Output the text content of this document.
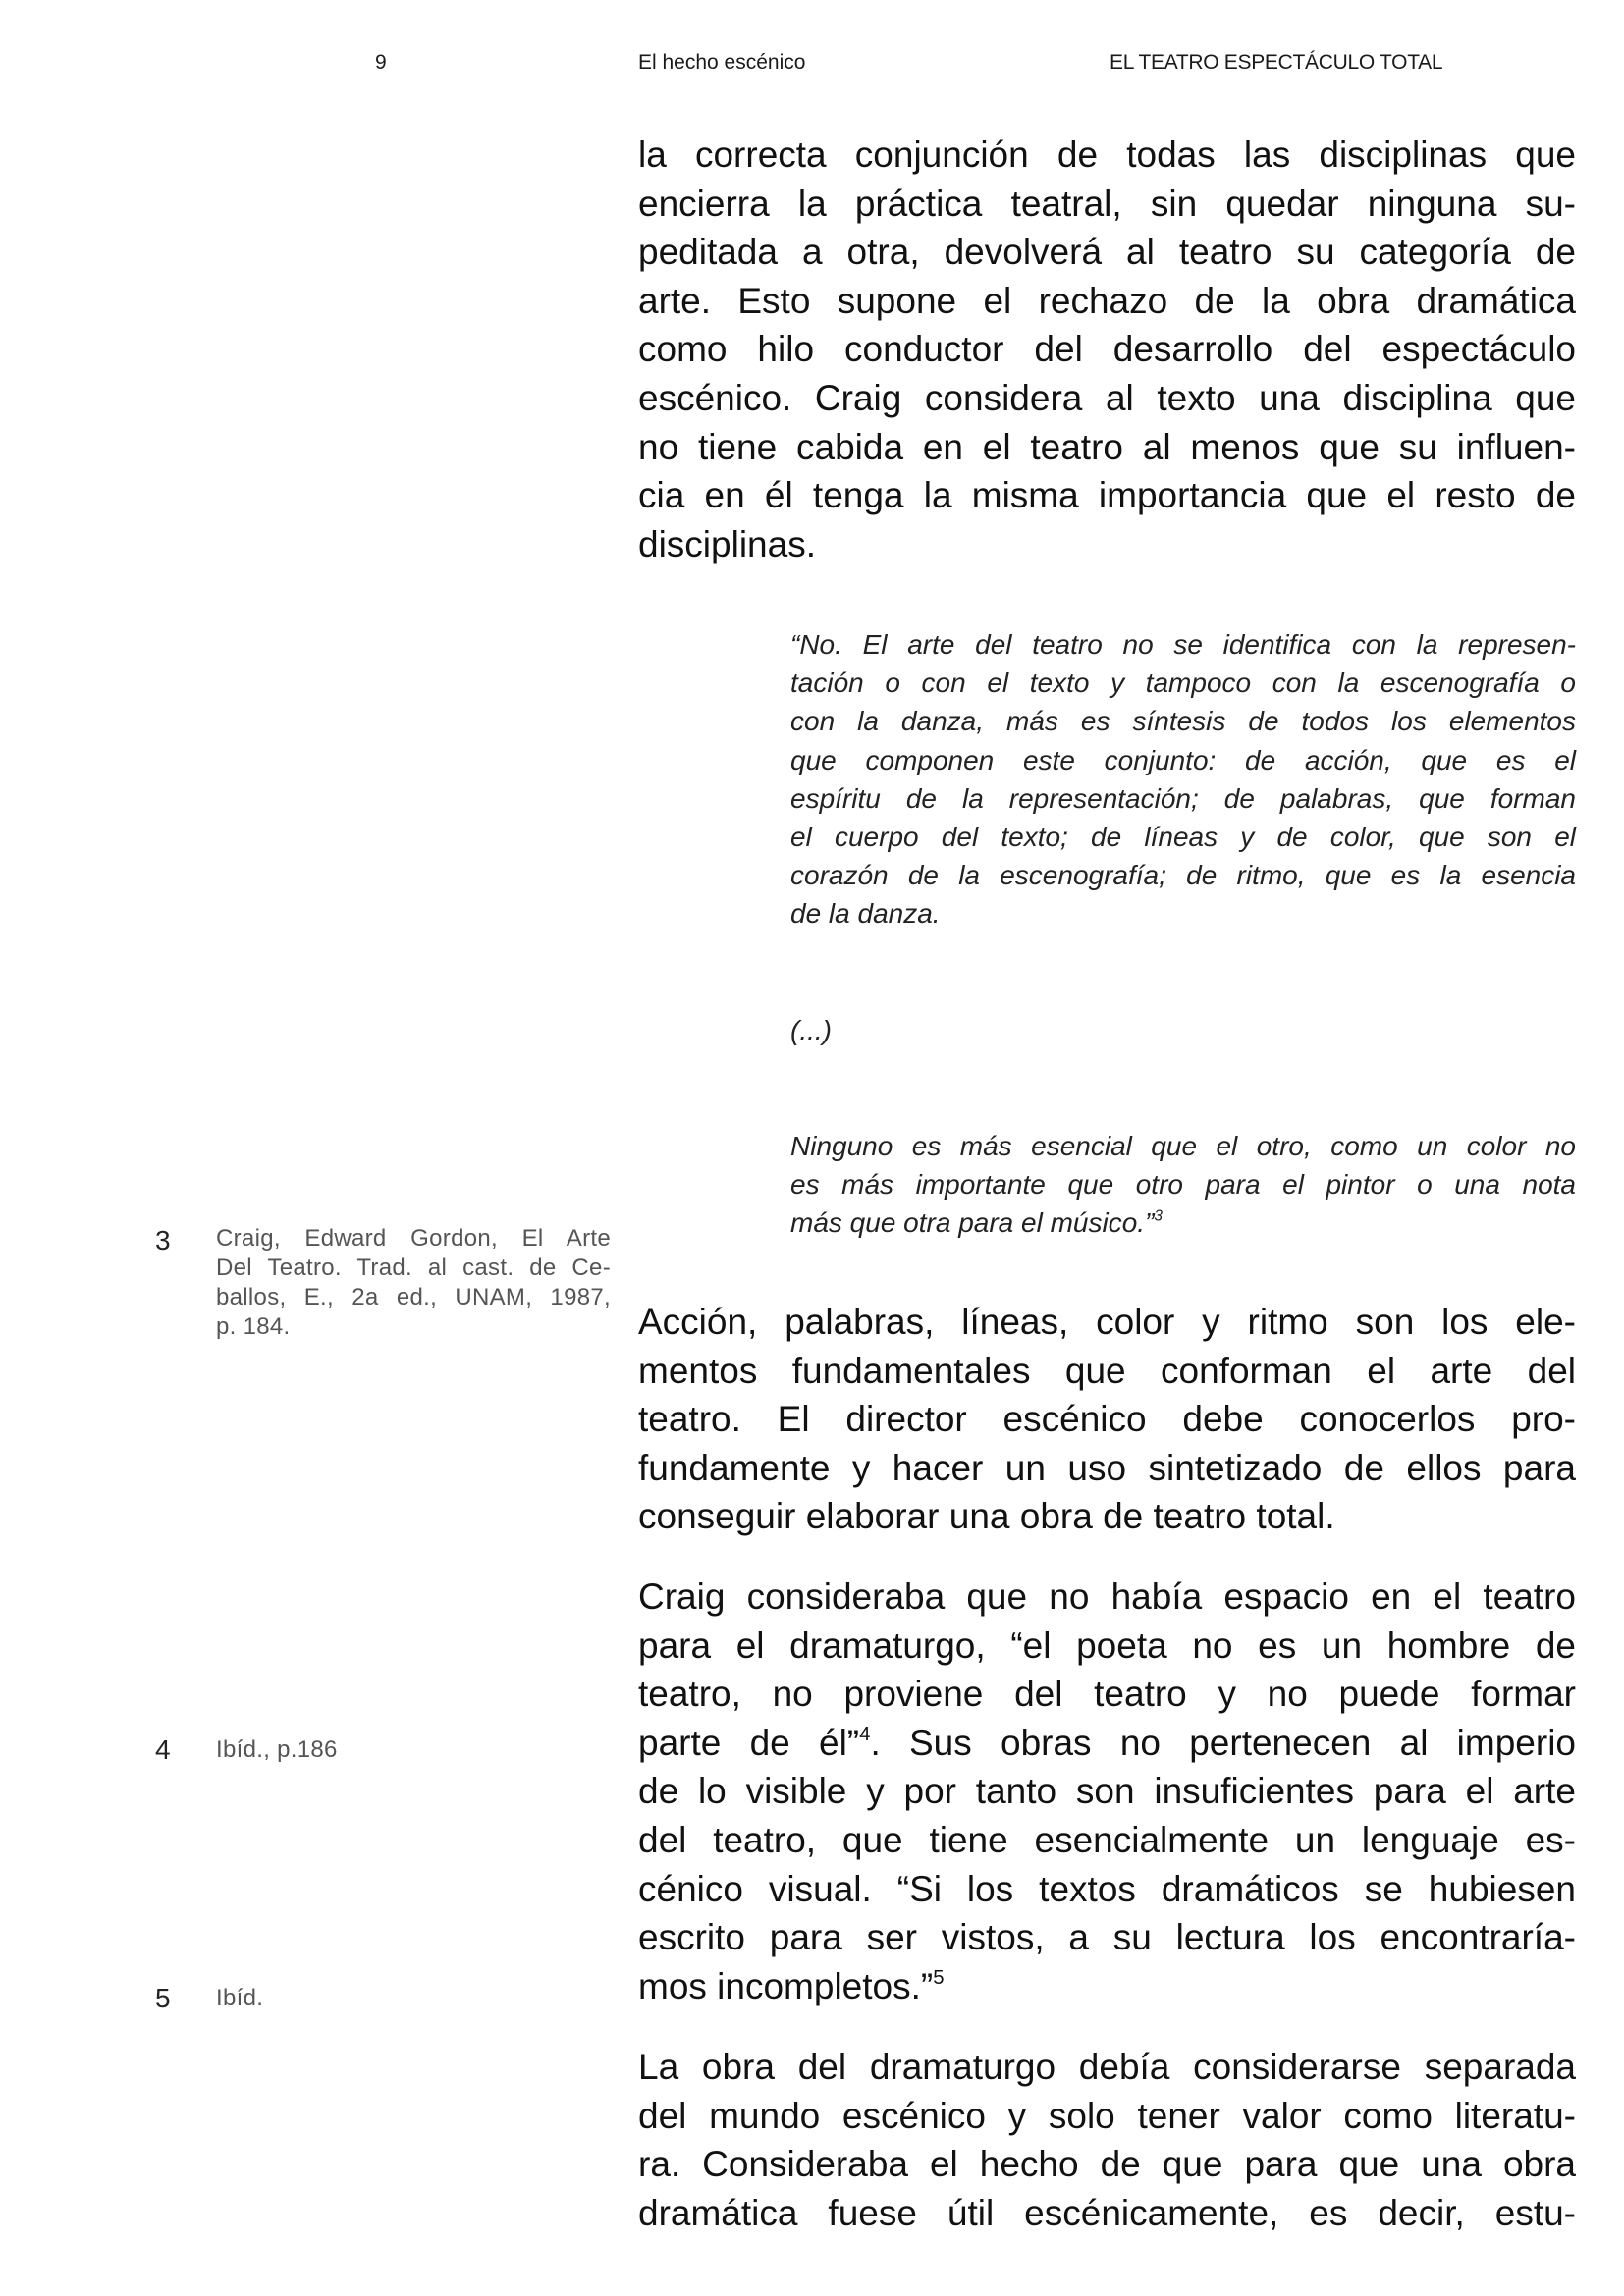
9	El hecho escénico	EL TEATRO ESPECTÁCULO TOTAL
la correcta conjunción de todas las disciplinas que
encierra la práctica teatral, sin quedar ninguna su-
peditada a otra, devolverá al teatro su categoría de
arte. Esto supone el rechazo de la obra dramática
como hilo conductor del desarrollo del espectáculo
escénico. Craig considera al texto una disciplina que
no tiene cabida en el teatro al menos que su influen-
cia en él tenga la misma importancia que el resto de
disciplinas.
“No. El arte del teatro no se identifica con la represen-
tación o con el texto y tampoco con la escenografía o
con la danza, más es síntesis de todos los elementos
que componen este conjunto: de acción, que es el
espíritu de la representación; de palabras, que forman
el cuerpo del texto; de líneas y de color, que son el
corazón de la escenografía; de ritmo, que es la esencia
de la danza.
(...)
Ninguno es más esencial que el otro, como un color no
es más importante que otro para el pintor o una nota
más que otra para el músico.”$^3$
Acción, palabras, líneas, color y ritmo son los ele-
mentos fundamentales que conforman el arte del
teatro. El director escénico debe conocerlos pro-
fundamente y hacer un uso sintetizado de ellos para
conseguir elaborar una obra de teatro total.
Craig consideraba que no había espacio en el teatro
para el dramaturgo, “el poeta no es un hombre de
teatro, no proviene del teatro y no puede formar
parte de él”$^4$. Sus obras no pertenecen al imperio
de lo visible y por tanto son insuficientes para el arte
del teatro, que tiene esencialmente un lenguaje es-
cénico visual. “Si los textos dramáticos se hubiesen
escrito para ser vistos, a su lectura los encontraría-
mos incompletos.”$^5$
La obra del dramaturgo debía considerarse separada
del mundo escénico y solo tener valor como literatu-
ra. Consideraba el hecho de que para que una obra
dramática fuese útil escénicamente, es decir, estu-
3 Craig, Edward Gordon, El Arte
Del Teatro. Trad. al cast. de Ce-
ballos, E., 2a ed., UNAM, 1987,
p. 184.
4 Ibíd., p.186
5 Ibíd.
